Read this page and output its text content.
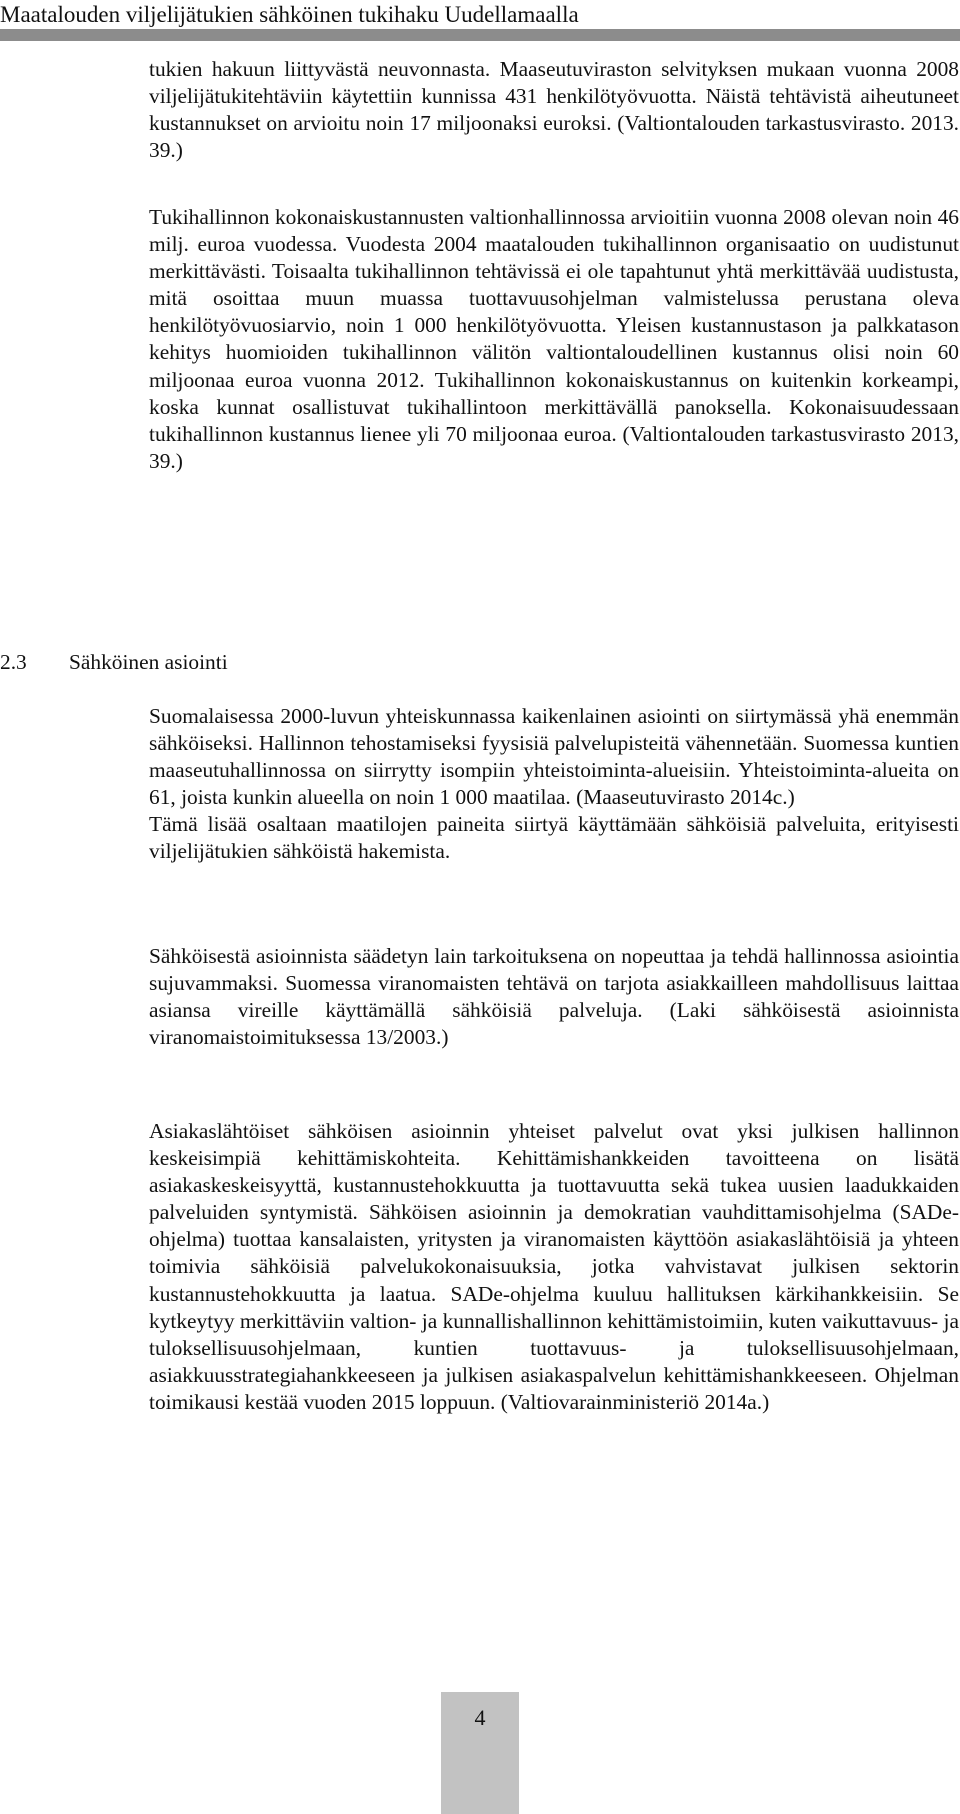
Maatalouden viljelijätukien sähköinen tukihaku Uudellamaalla

tukien hakuun liittyvästä neuvonnasta. Maaseutuviraston selvityksen mukaan vuonna 2008 viljelijätukitehtäviin käytettiin kunnissa 431 henkilötyövuotta. Näistä tehtävistä aiheutuneet kustannukset on arvioitu noin 17 miljoonaksi euroksi. (Valtiontalouden tarkastusvirasto. 2013. 39.)

Tukihallinnon kokonaiskustannusten valtionhallinnossa arvioitiin vuonna 2008 olevan noin 46 milj. euroa vuodessa. Vuodesta 2004 maatalouden tukihallinnon organisaatio on uudistunut merkittävästi. Toisaalta tukihallinnon tehtävissä ei ole tapahtunut yhtä merkittävää uudistusta, mitä osoittaa muun muassa tuottavuusohjelman valmistelussa perustana oleva henkilötyövuosiarvio, noin 1 000 henkilötyövuotta. Yleisen kustannustason ja palkkatason kehitys huomioiden tukihallinnon välitön valtiontaloudellinen kustannus olisi noin 60 miljoonaa euroa vuonna 2012. Tukihallinnon kokonaiskustannus on kuitenkin korkeampi, koska kunnat osallistuvat tukihallintoon merkittävällä panoksella. Kokonaisuudessaan tukihallinnon kustannus lienee yli 70 miljoonaa euroa. (Valtiontalouden tarkastusvirasto 2013, 39.)

2.3 Sähköinen asiointi

Suomalaisessa 2000-luvun yhteiskunnassa kaikenlainen asiointi on siirtymässä yhä enemmän sähköiseksi. Hallinnon tehostamiseksi fyysisiä palvelupisteitä vähennetään. Suomessa kuntien maaseutuhallinnossa on siirrytty isompiin yhteistoiminta-alueisiin. Yhteistoiminta-alueita on 61, joista kunkin alueella on noin 1 000 maatilaa. (Maaseutuvirasto 2014c.)

Tämä lisää osaltaan maatilojen paineita siirtyä käyttämään sähköisiä palveluita, erityisesti viljelijätukien sähköistä hakemista.

Sähköisestä asioinnista säädetyn lain tarkoituksena on nopeuttaa ja tehdä hallinnossa asiointia sujuvammaksi. Suomessa viranomaisten tehtävä on tarjota asiakkailleen mahdollisuus laittaa asiansa vireille käyttämällä sähköisiä palveluja. (Laki sähköisestä asioinnista viranomaistoimituksessa 13/2003.)

Asiakaslähtöiset sähköisen asioinnin yhteiset palvelut ovat yksi julkisen hallinnon keskeisimpiä kehittämiskohteita. Kehittämishankkeiden tavoitteena on lisätä asiakaskeskeisyyttä, kustannustehokkuutta ja tuottavuutta sekä tukea uusien laadukkaiden palveluiden syntymistä. Sähköisen asioinnin ja demokratian vauhdittamisohjelma (SADe-ohjelma) tuottaa kansalaisten, yritysten ja viranomaisten käyttöön asiakaslähtöisiä ja yhteen toimivia sähköisiä palvelukokonaisuuksia, jotka vahvistavat julkisen sektorin kustannustehokkuutta ja laatua. SADe-ohjelma kuuluu hallituksen kärkihankkeisiin. Se kytkeytyy merkittäviin valtion- ja kunnallishallinnon kehittämistoimiin, kuten vaikuttavuus- ja tuloksellisuusohjelmaan, kuntien tuottavuus- ja tuloksellisuusohjelmaan, asiakkuusstrategiahankkeeseen ja julkisen asiakaspalvelun kehittämishankkeeseen. Ohjelman toimikausi kestää vuoden 2015 loppuun. (Valtiovarainministeriö 2014a.)

4
